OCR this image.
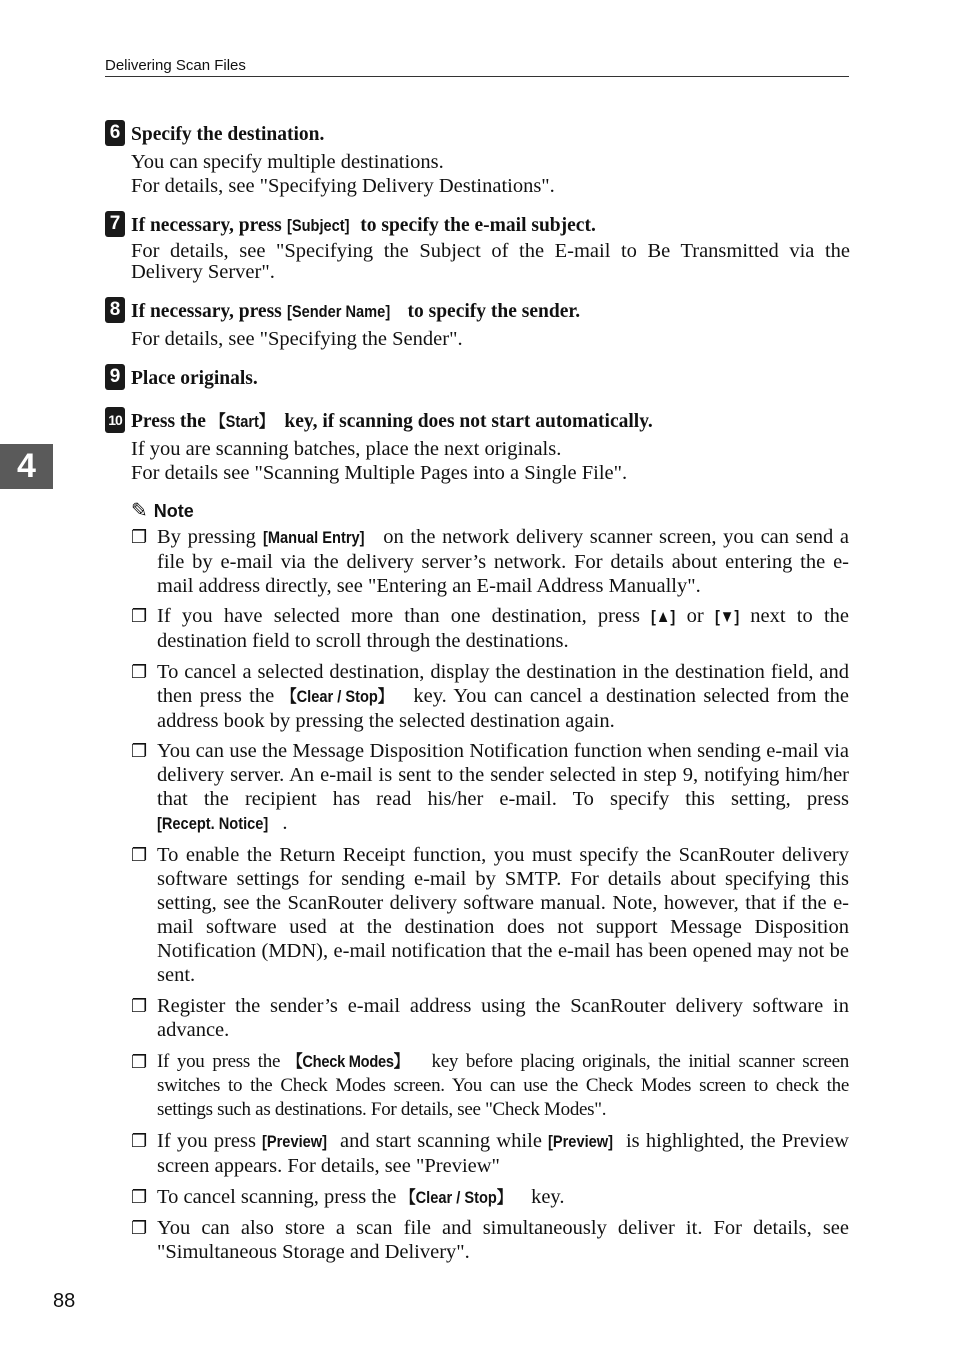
Delivering Scan Files
4
6 Specify the destination.
You can specify multiple destinations.
For details, see "Specifying Delivery Destinations".
7 If necessary, press [Subject] to specify the e-mail subject.
For details, see "Specifying the Subject of the E-mail to Be Transmitted via the Delivery Server".
8 If necessary, press [Sender Name] to specify the sender.
For details, see "Specifying the Sender".
9 Place originals.
10 Press the 【Start】 key, if scanning does not start automatically.
If you are scanning batches, place the next originals.
For details see "Scanning Multiple Pages into a Single File".
✎ Note
❐ By pressing [Manual Entry] on the network delivery scanner screen, you can send a file by e-mail via the delivery server’s network. For details about entering the e-mail address directly, see "Entering an E-mail Address Manually".
❐ If you have selected more than one destination, press [▲] or [▼] next to the destination field to scroll through the destinations.
❐ To cancel a selected destination, display the destination in the destination field, and then press the 【Clear / Stop】 key. You can cancel a destination selected from the address book by pressing the selected destination again.
❐ You can use the Message Disposition Notification function when sending e-mail via delivery server. An e-mail is sent to the sender selected in step 9, notifying him/her that the recipient has read his/her e-mail. To specify this setting, press [Recept. Notice] .
❐ To enable the Return Receipt function, you must specify the ScanRouter delivery software settings for sending e-mail by SMTP. For details about specifying this setting, see the ScanRouter delivery software manual. Note, however, that if the e-mail software used at the destination does not support Message Disposition Notification (MDN), e-mail notification that the e-mail has been opened may not be sent.
❐ Register the sender’s e-mail address using the ScanRouter delivery software in advance.
❐ If you press the 【Check Modes】 key before placing originals, the initial scanner screen switches to the Check Modes screen. You can use the Check Modes screen to check the settings such as destinations. For details, see "Check Modes".
❐ If you press [Preview] and start scanning while [Preview] is highlighted, the Preview screen appears. For details, see "Preview"
❐ To cancel scanning, press the 【Clear / Stop】 key.
❐ You can also store a scan file and simultaneously deliver it. For details, see "Simultaneous Storage and Delivery".
88
